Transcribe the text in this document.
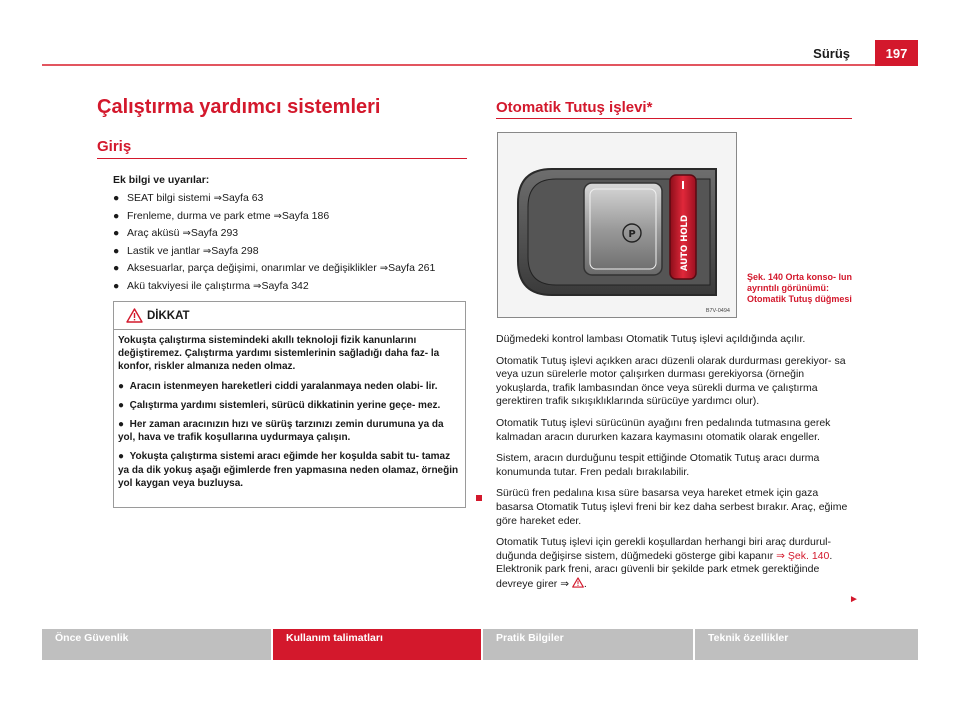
Sürüş	197
Çalıştırma yardımcı sistemleri
Giriş
Ek bilgi ve uyarılar:
● SEAT bilgi sistemi ⇒Sayfa 63
● Frenleme, durma ve park etme ⇒Sayfa 186
● Araç aküsü ⇒Sayfa 293
● Lastik ve jantlar ⇒Sayfa 298
● Aksesuarlar, parça değişimi, onarımlar ve değişiklikler ⇒Sayfa 261
● Akü takviyesi ile çalıştırma ⇒Sayfa 342
DİKKAT

Yokuşta çalıştırma sistemindeki akıllı teknoloji fizik kanunlarını değiştiremez. Çalıştırma yardımı sistemlerinin sağladığı daha faz- la konfor, riskler almanıza neden olmaz.

● Aracın istenmeyen hareketleri ciddi yaralanmaya neden olabi- lir.

● Çalıştırma yardımı sistemleri, sürücü dikkatinin yerine geçe- mez.

● Her zaman aracınızın hızı ve sürüş tarzınızı zemin durumuna ya da yol, hava ve trafik koşullarına uydurmaya çalışın.

● Yokuşta çalıştırma sistemi aracı eğimde her koşulda sabit tu- tamaz ya da dik yokuş aşağı eğimlerde fren yapmasına neden olamaz, örneğin yol kaygan veya buzluysa.

Otomatik Tutuş işlevi*
P	AUTO HOLD
B7V-0494
Şek. 140 Orta konso- lun ayrıntılı görünümü: Otomatik Tutuş düğmesi

Düğmedeki kontrol lambası Otomatik Tutuş işlevi açıldığında açılır.

Otomatik Tutuş işlevi açıkken aracı düzenli olarak durdurması gerekiyor- sa veya uzun sürelerle motor çalışırken durması gerekiyorsa (örneğin yokuşlarda, trafik lambasından önce veya sürekli durma ve çalıştırma gerektiren trafik sıkışıklıklarında sürücüye yardımcı olur).

Otomatik Tutuş işlevi sürücünün ayağını fren pedalında tutmasına gerek kalmadan aracın dururken kazara kaymasını otomatik olarak engeller.

Sistem, aracın durduğunu tespit ettiğinde Otomatik Tutuş aracı durma konumunda tutar. Fren pedalı bırakılabilir.

Sürücü fren pedalına kısa süre basarsa veya hareket etmek için gaza basarsa Otomatik Tutuş işlevi freni bir kez daha serbest bırakır. Araç, eğime göre hareket eder.

Otomatik Tutuş işlevi için gerekli koşullardan herhangi biri araç durdurul- duğunda değişirse sistem, düğmedeki gösterge gibi kapanır ⇒ Şek. 140. Elektronik park freni, aracı güvenli bir şekilde park etmek gerektiğinde devreye girer ⇒ .

►
Önce Güvenlik	Kullanım talimatları	Pratik Bilgiler	Teknik özellikler
